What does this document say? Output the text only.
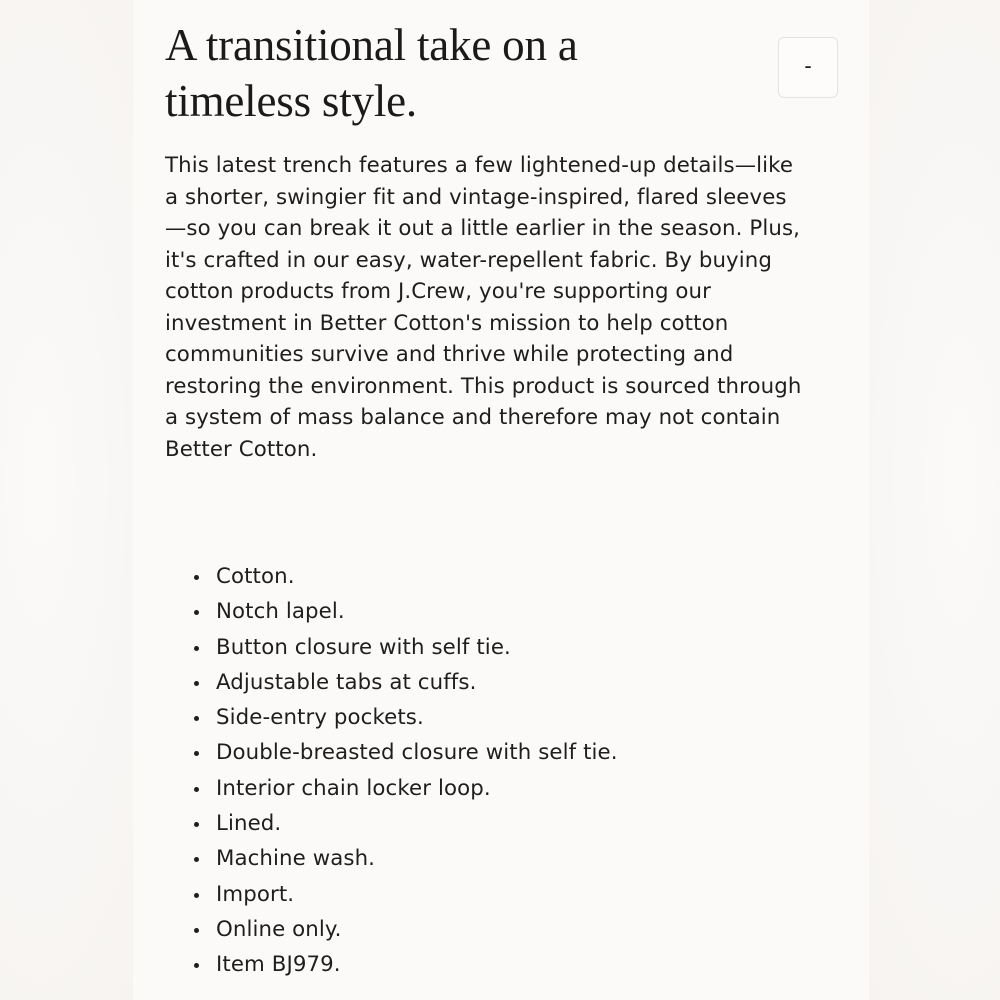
A transitional take on a timeless style.
-

This latest trench features a few lightened-up details—like a shorter, swingier fit and vintage-inspired, flared sleeves—so you can break it out a little earlier in the season. Plus, it's crafted in our easy, water-repellent fabric. By buying cotton products from J.Crew, you're supporting our investment in Better Cotton's mission to help cotton communities survive and thrive while protecting and restoring the environment. This product is sourced through a system of mass balance and therefore may not contain Better Cotton.

Cotton.
Notch lapel.
Button closure with self tie.
Adjustable tabs at cuffs.
Side-entry pockets.
Double-breasted closure with self tie.
Interior chain locker loop.
Lined.
Machine wash.
Import.
Online only.
Item BJ979.
